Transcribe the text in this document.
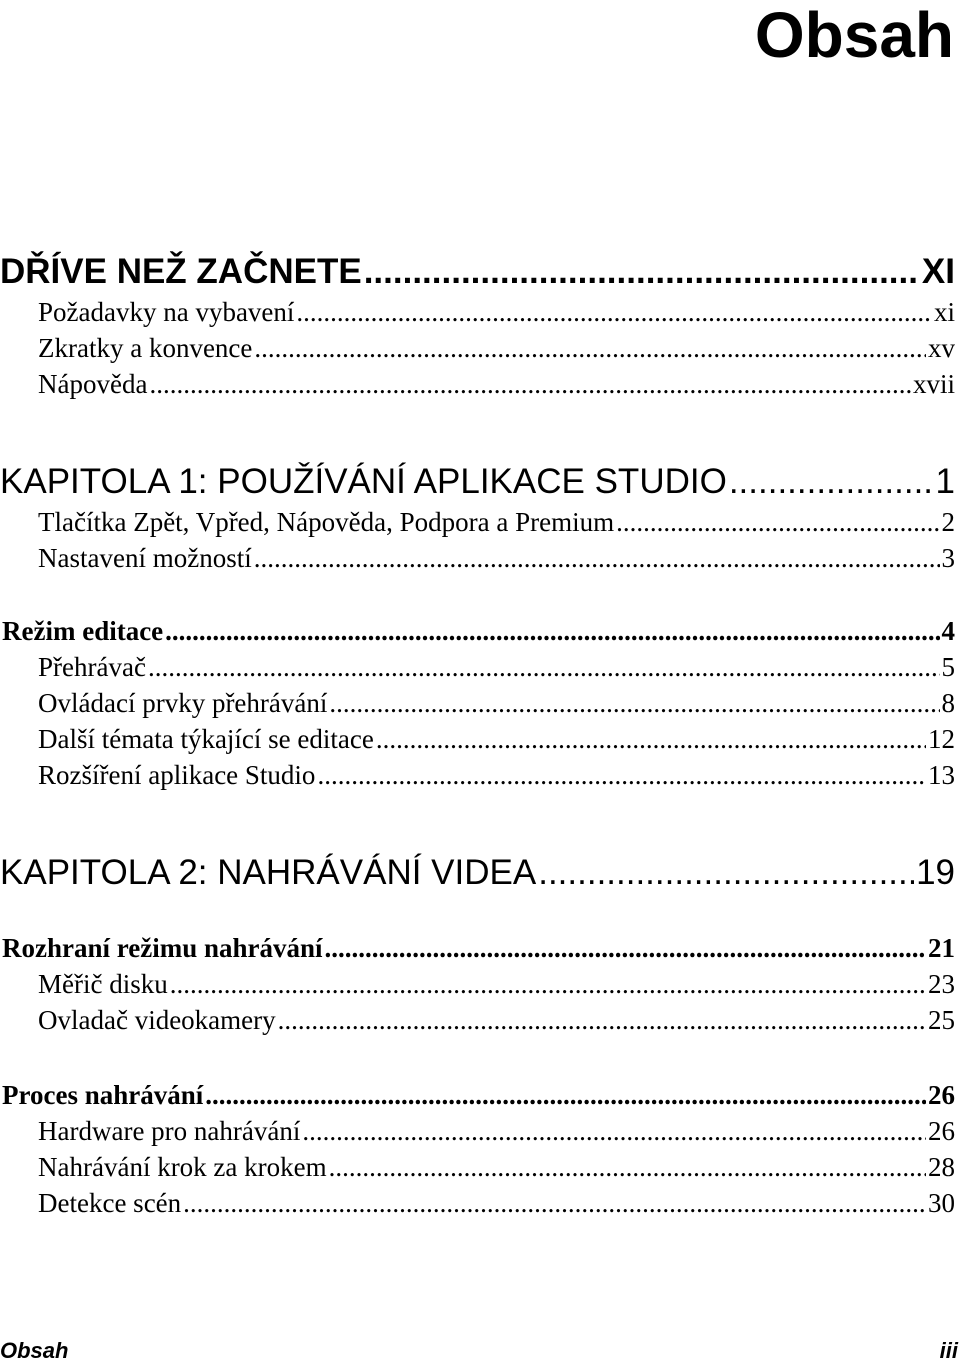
Obsah
DŘÍVE NEŽ ZAČNETE .....	XI
Požadavky na vybavení .....	xi
Zkratky a konvence .....	xv
Nápověda .....	xvii
KAPITOLA 1: POUŽÍVÁNÍ APLIKACE STUDIO .....	1
Tlačítka Zpět, Vpřed, Nápověda, Podpora a Premium .....	2
Nastavení možností .....	3
Režim editace .....	4
Přehrávač .....	5
Ovládací prvky přehrávání .....	8
Další témata týkající se editace .....	12
Rozšíření aplikace Studio .....	13
KAPITOLA 2: NAHRÁVÁNÍ VIDEA .....	19
Rozhraní režimu nahrávání .....	21
Měřič disku .....	23
Ovladač videokamery .....	25
Proces nahrávání .....	26
Hardware pro nahrávání .....	26
Nahrávání krok za krokem .....	28
Detekce scén .....	30
Obsah	iii
